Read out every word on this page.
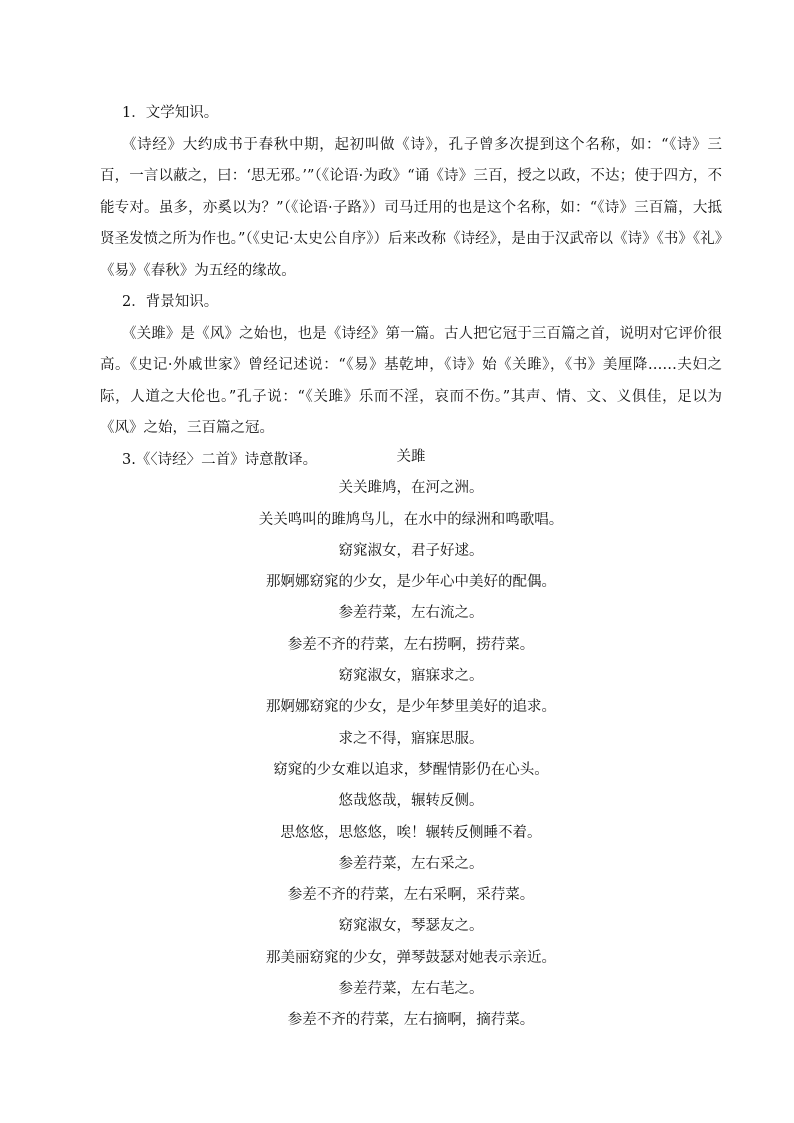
1．文学知识。

《诗经》大约成书于春秋中期，起初叫做《诗》，孔子曾多次提到这个名称，如：“《诗》三百，一言以蔽之，曰：‘思无邪。’”（《论语·为政》“诵《诗》三百，授之以政，不达；使于四方，不能专对。虽多，亦奚以为？”（《论语·子路》）司马迁用的也是这个名称，如：“《诗》三百篇，大抵贤圣发愤之所为作也。”（《史记·太史公自序》）后来改称《诗经》，是由于汉武帝以《诗》《书》《礼》《易》《春秋》为五经的缘故。

2．背景知识。

《关雎》是《风》之始也，也是《诗经》第一篇。古人把它冠于三百篇之首，说明对它评价很高。《史记·外戚世家》曾经记述说：“《易》基乾坤，《诗》始《关雎》，《书》美厘降……夫妇之际，人道之大伦也。”孔子说：“《关雎》乐而不淫，哀而不伤。”其声、情、文、义俱佳，足以为《风》之始，三百篇之冠。

3.《〈诗经〉二首》诗意散译。	关雎

关关雎鸠，在河之洲。

关关鸣叫的雎鸠鸟儿，在水中的绿洲和鸣歌唱。

窈窕淑女，君子好逑。

那婀娜窈窕的少女，是少年心中美好的配偶。

参差荇菜，左右流之。

参差不齐的荇菜，左右捞啊，捞荇菜。

窈窕淑女，寤寐求之。

那婀娜窈窕的少女，是少年梦里美好的追求。

求之不得，寤寐思服。

窈窕的少女难以追求，梦醒情影仍在心头。

悠哉悠哉，辗转反侧。

思悠悠，思悠悠，唉！辗转反侧睡不着。

参差荇菜，左右采之。

参差不齐的荇菜，左右采啊，采荇菜。

窈窕淑女，琴瑟友之。

那美丽窈窕的少女，弹琴鼓瑟对她表示亲近。

参差荇菜，左右芼之。

参差不齐的荇菜，左右摘啊，摘荇菜。
